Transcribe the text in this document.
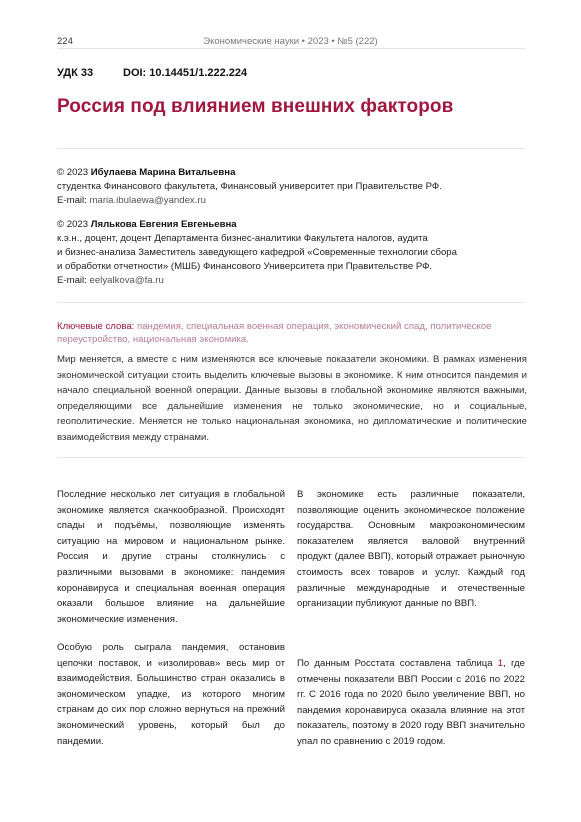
224	Экономические науки • 2023 • №5 (222)
УДК 33	DOI: 10.14451/1.222.224
Россия под влиянием внешних факторов
© 2023 Ибулаева Марина Витальевна
студентка Финансового факультета, Финансовый университет при Правительстве РФ.
E-mail: maria.ibulaewa@yandex.ru
© 2023 Лялькова Евгения Евгеньевна
к.э.н., доцент, доцент Департамента бизнес-аналитики Факультета налогов, аудита
и бизнес-анализа Заместитель заведующего кафедрой «Современные технологии сбора
и обработки отчетности» (МШБ) Финансового Университета при Правительстве РФ.
E-mail: eelyalkova@fa.ru
Ключевые слова: пандемия, специальная военная операция, экономический спад, политическое переустройство, национальная экономика.
Мир меняется, а вместе с ним изменяются все ключевые показатели экономики. В рамках изменения экономической ситуации стоить выделить ключевые вызовы в экономике. К ним относится пандемия и начало специальной военной операции. Данные вызовы в глобальной экономике являются важными, определяющими все дальнейшие изменения не только экономические, но и социальные, геополитические. Меняется не только национальная экономика, но дипломатические и политические взаимодействия между странами.
Последние несколько лет ситуация в глобальной экономике является скачкообразной. Происходят спады и подъёмы, позволяющие изменять ситуацию на мировом и национальном рынке. Россия и другие страны столкнулись с различными вызовами в экономике: пандемия коронавируса и специальная военная операция оказали большое влияние на дальнейшие экономические изменения.
Особую роль сыграла пандемия, остановив цепочки поставок, и «изолировав» весь мир от взаимодействия. Большинство стран оказались в экономическом упадке, из которого многим странам до сих пор сложно вернуться на прежний экономический уровень, который был до пандемии.
В экономике есть различные показатели, позволяющие оценить экономическое положение государства. Основным макроэкономическим показателем является валовой внутренний продукт (далее ВВП), который отражает рыночную стоимость всех товаров и услуг. Каждый год различные международные и отечественные организации публикуют данные по ВВП.
По данным Росстата составлена таблица 1, где отмечены показатели ВВП России с 2016 по 2022 гг. С 2016 года по 2020 было увеличение ВВП, но пандемия коронавируса оказала влияние на этот показатель, поэтому в 2020 году ВВП значительно упал по сравнению с 2019 годом.
